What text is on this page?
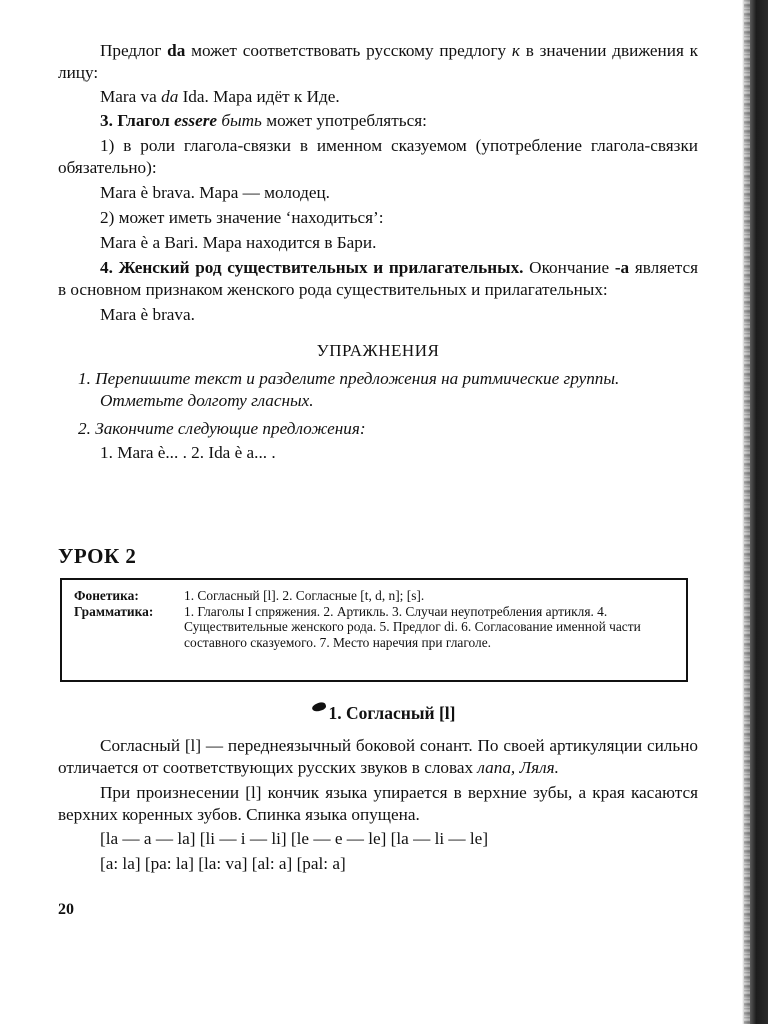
Предлог da может соответствовать русскому предлогу к в значении движения к лицу:

Mara va da Ida. Мара идёт к Иде.

3. Глагол essere быть может употребляться:

1) в роли глагола-связки в именном сказуемом (употребление глагола-связки обязательно):

Mara è brava. Мара — молодец.

2) может иметь значение ‘находиться’:

Mara è a Bari. Мара находится в Бари.

4. Женский род существительных и прилагательных. Окончание -a является в основном признаком женского рода существительных и прилагательных:

Mara è brava.

УПРАЖНЕНИЯ

1. Перепишите текст и разделите предложения на ритмические группы. Отметьте долготу гласных.

2. Закончите следующие предложения:

1. Mara è... . 2. Ida è a... .

УРОК 2
Фонетика:	1. Согласный [l]. 2. Согласные [t, d, n]; [s].
Грамматика:	1. Глаголы I спряжения. 2. Артикль. 3. Случаи неупотребления артикля. 4. Существительные женского рода. 5. Предлог di. 6. Согласование именной части составного сказуемого. 7. Место наречия при глаголе.
1. Согласный [l]

Согласный [l] — переднеязычный боковой сонант. По своей артикуляции сильно отличается от соответствующих русских звуков в словах лапа, Ляля.

При произнесении [l] кончик языка упирается в верхние зубы, а края касаются верхних коренных зубов. Спинка языка опущена.

[la — a — la] [li — i — li] [le — e — le] [la — li — le]

[a: la] [pa: la] [la: va] [al: a] [pal: a]

20
